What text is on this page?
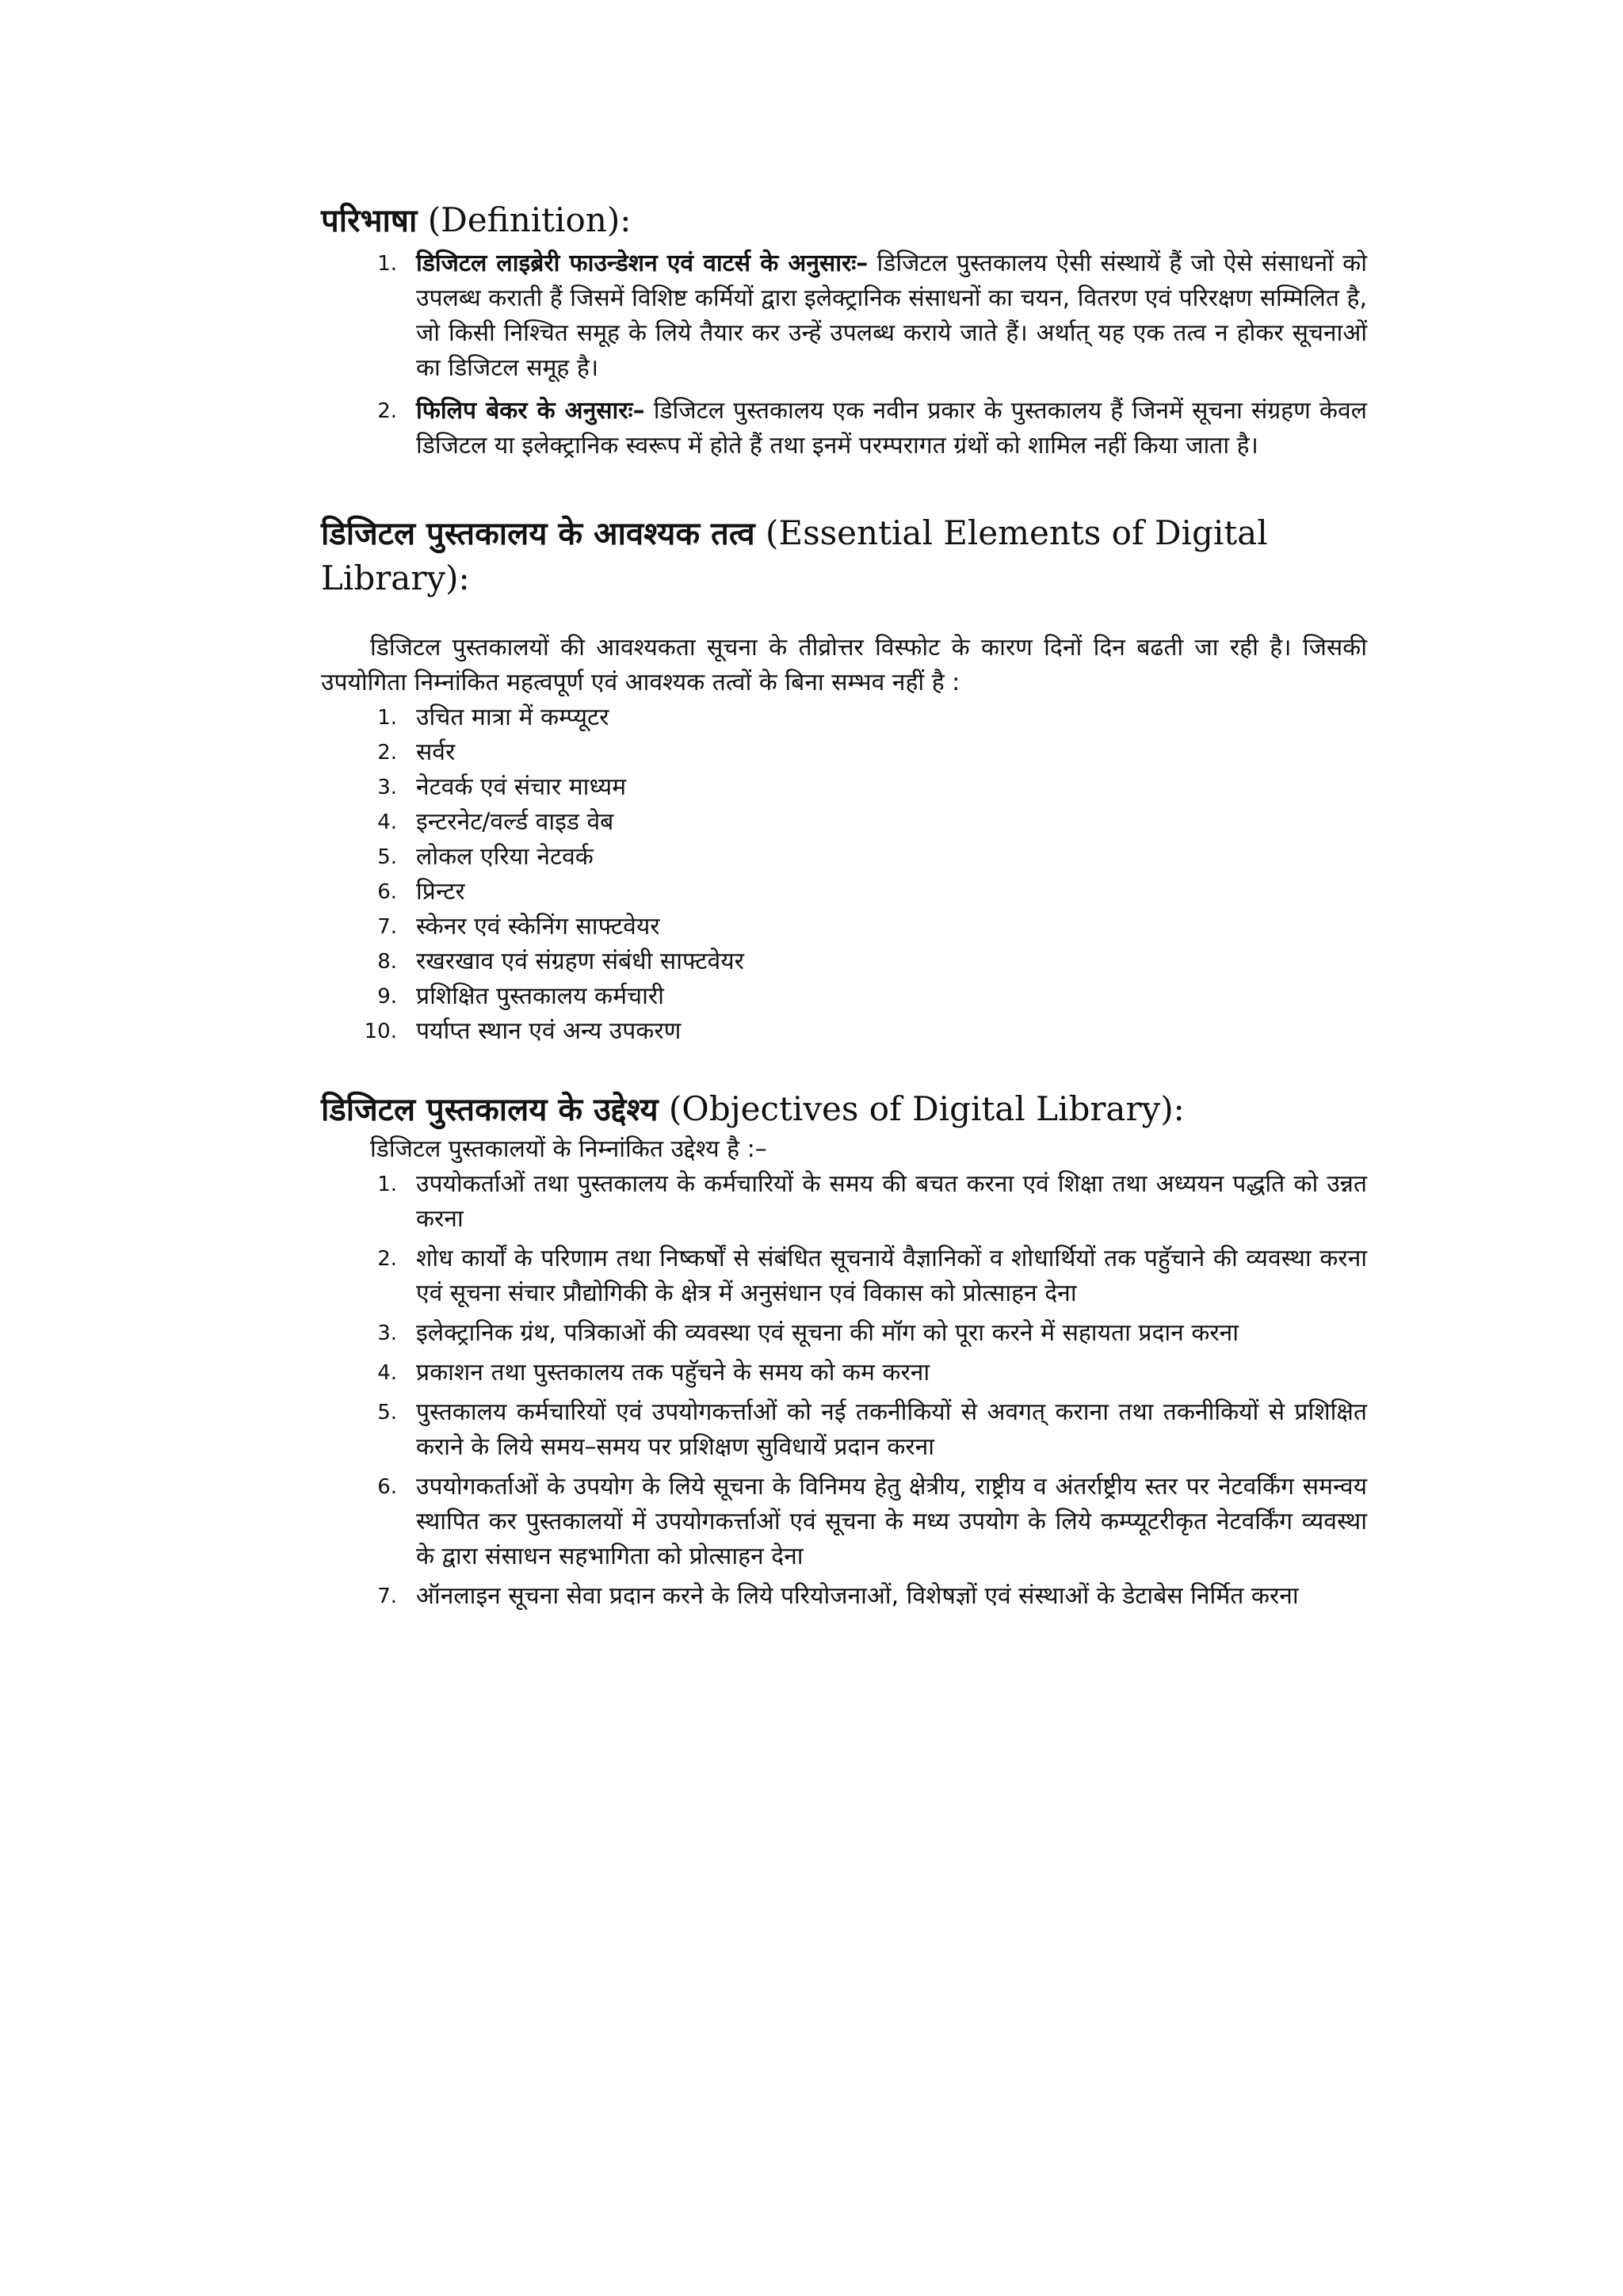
परिभाषा (Definition):
1. डिजिटल लाइब्रेरी फाउन्डेशन एवं वाटर्स के अनुसारः– डिजिटल पुस्तकालय ऐसी संस्थायें हैं जो ऐसे संसाधनों को उपलब्ध कराती हैं जिसमें विशिष्ट कर्मियों द्वारा इलेक्ट्रानिक संसाधनों का चयन, वितरण एवं परिरक्षण सम्मिलित है, जो किसी निश्चित समूह के लिये तैयार कर उन्हें उपलब्ध कराये जाते हैं। अर्थात् यह एक तत्व न होकर सूचनाओं का डिजिटल समूह है।
2. फिलिप बेकर के अनुसारः– डिजिटल पुस्तकालय एक नवीन प्रकार के पुस्तकालय हैं जिनमें सूचना संग्रहण केवल डिजिटल या इलेक्ट्रानिक स्वरूप में होते हैं तथा इनमें परम्परागत ग्रंथों को शामिल नहीं किया जाता है।
डिजिटल पुस्तकालय के आवश्यक तत्व (Essential Elements of Digital Library):

डिजिटल पुस्तकालयों की आवश्यकता सूचना के तीव्रोत्तर विस्फोट के कारण दिनों दिन बढती जा रही है। जिसकी उपयोगिता निम्नांकित महत्वपूर्ण एवं आवश्यक तत्वों के बिना सम्भव नहीं है :

1. उचित मात्रा में कम्प्यूटर
2. सर्वर
3. नेटवर्क एवं संचार माध्यम
4. इन्टरनेट/वर्ल्ड वाइड वेब
5. लोकल एरिया नेटवर्क
6. प्रिन्टर
7. स्केनर एवं स्केनिंग साफ्टवेयर
8. रखरखाव एवं संग्रहण संबंधी साफ्टवेयर
9. प्रशिक्षित पुस्तकालय कर्मचारी
10. पर्याप्त स्थान एवं अन्य उपकरण
डिजिटल पुस्तकालय के उद्देश्य (Objectives of Digital Library):

डिजिटल पुस्तकालयों के निम्नांकित उद्देश्य है :–

1. उपयोकर्ताओं तथा पुस्तकालय के कर्मचारियों के समय की बचत करना एवं शिक्षा तथा अध्ययन पद्धति को उन्नत करना
2. शोध कार्यों के परिणाम तथा निष्कर्षों से संबंधित सूचनायें वैज्ञानिकों व शोधार्थियों तक पहुॅचाने की व्यवस्था करना एवं सूचना संचार प्रौद्योगिकी के क्षेत्र में अनुसंधान एवं विकास को प्रोत्साहन देना
3. इलेक्ट्रानिक ग्रंथ, पत्रिकाओं की व्यवस्था एवं सूचना की मॉग को पूरा करने में सहायता प्रदान करना
4. प्रकाशन तथा पुस्तकालय तक पहुॅचने के समय को कम करना
5. पुस्तकालय कर्मचारियों एवं उपयोगकर्त्ताओं को नई तकनीकियों से अवगत् कराना तथा तकनीकियों से प्रशिक्षित कराने के लिये समय–समय पर प्रशिक्षण सुविधायें प्रदान करना
6. उपयोगकर्ताओं के उपयोग के लिये सूचना के विनिमय हेतु क्षेत्रीय, राष्ट्रीय व अंतर्राष्ट्रीय स्तर पर नेटवर्किंग समन्वय स्थापित कर पुस्तकालयों में उपयोगकर्त्ताओं एवं सूचना के मध्य उपयोग के लिये कम्प्यूटरीकृत नेटवर्किंग व्यवस्था के द्वारा संसाधन सहभागिता को प्रोत्साहन देना
7. ऑनलाइन सूचना सेवा प्रदान करने के लिये परियोजनाओं, विशेषज्ञों एवं संस्थाओं के डेटाबेस निर्मित करना
